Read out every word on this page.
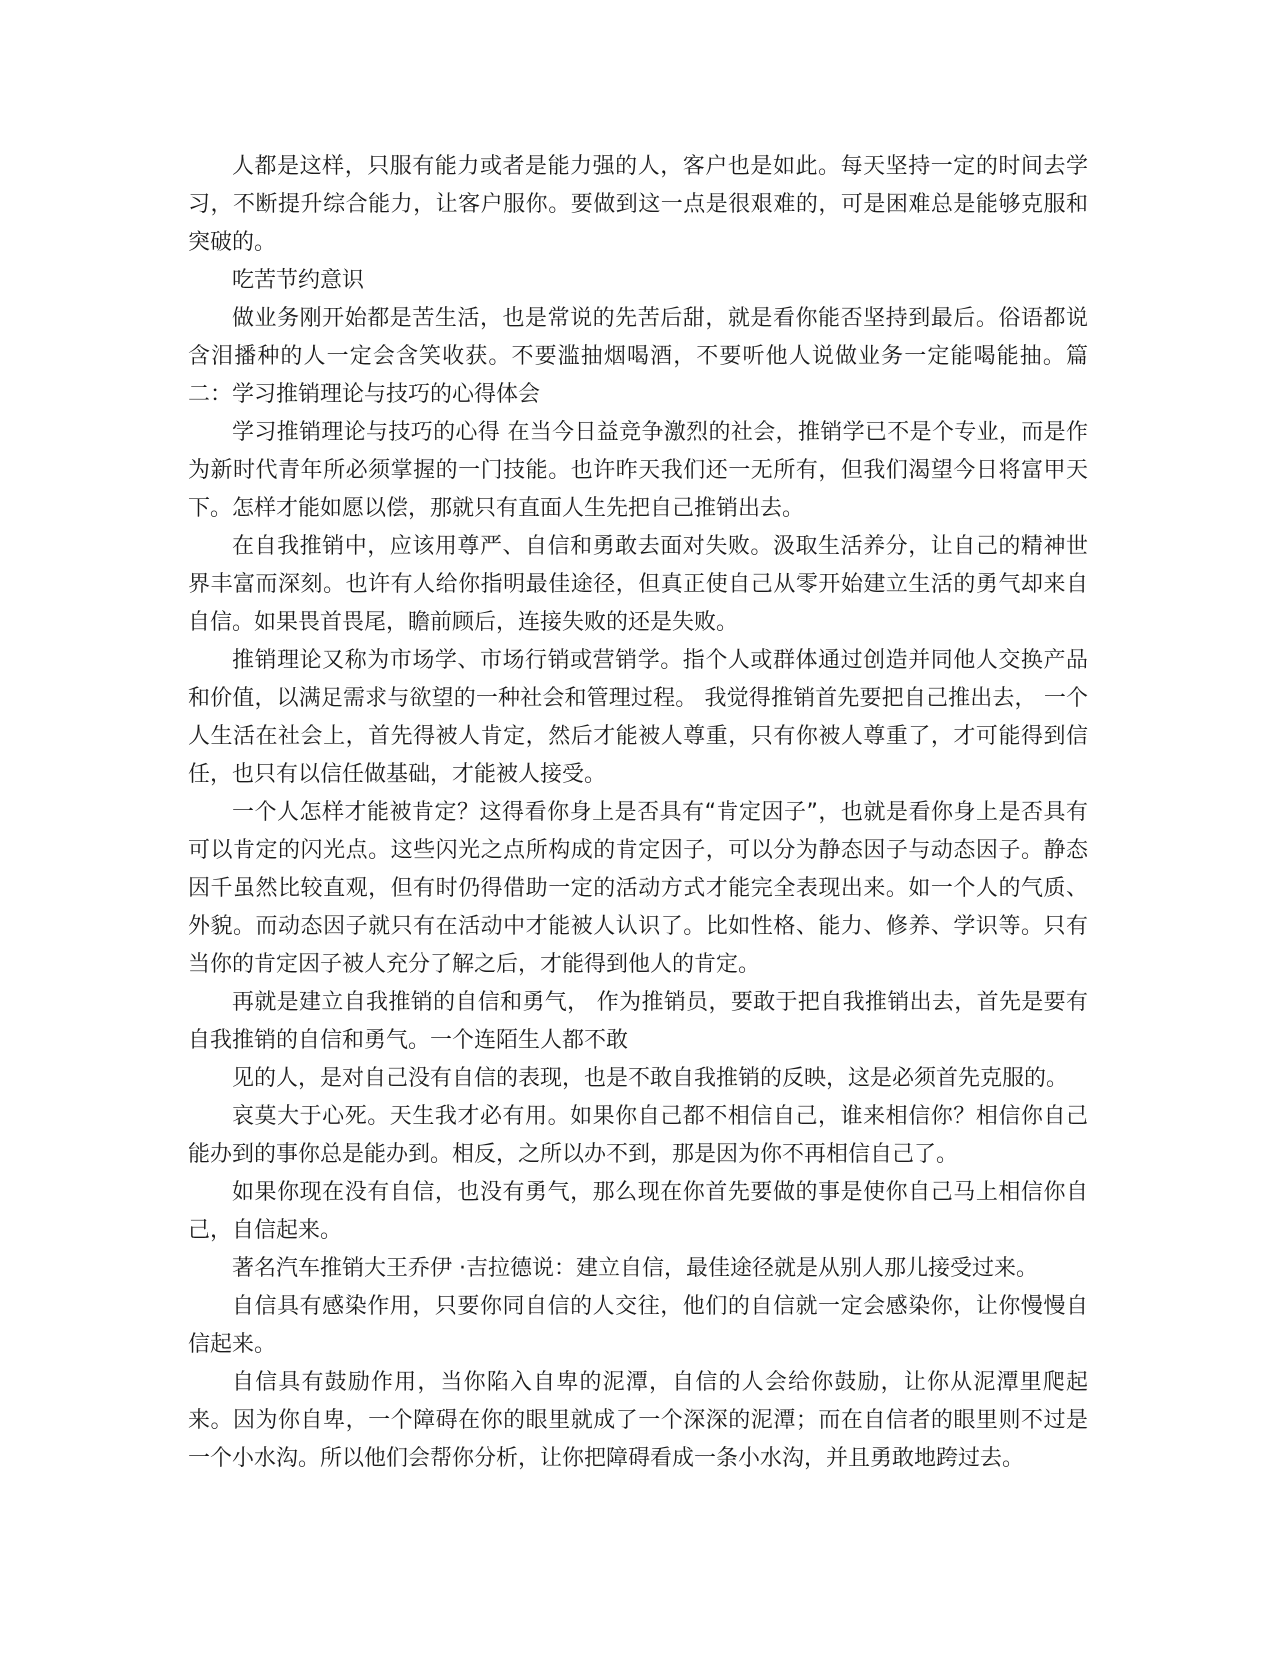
人都是这样，只服有能力或者是能力强的人，客户也是如此。每天坚持一定的时间去学习，不断提升综合能力，让客户服你。要做到这一点是很艰难的，可是困难总是能够克服和突破的。

吃苦节约意识

做业务刚开始都是苦生活，也是常说的先苦后甜，就是看你能否坚持到最后。俗语都说含泪播种的人一定会含笑收获。不要滥抽烟喝酒，不要听他人说做业务一定能喝能抽。篇二：学习推销理论与技巧的心得体会

学习推销理论与技巧的心得 在当今日益竞争激烈的社会，推销学已不是个专业，而是作为新时代青年所必须掌握的一门技能。也许昨天我们还一无所有，但我们渴望今日将富甲天下。怎样才能如愿以偿，那就只有直面人生先把自己推销出去。

在自我推销中，应该用尊严、自信和勇敢去面对失败。汲取生活养分，让自己的精神世界丰富而深刻。也许有人给你指明最佳途径，但真正使自己从零开始建立生活的勇气却来自自信。如果畏首畏尾，瞻前顾后，连接失败的还是失败。

推销理论又称为市场学、市场行销或营销学。指个人或群体通过创造并同他人交换产品和价值，以满足需求与欲望的一种社会和管理过程。 我觉得推销首先要把自己推出去， 一个人生活在社会上，首先得被人肯定，然后才能被人尊重，只有你被人尊重了，才可能得到信任，也只有以信任做基础，才能被人接受。

一个人怎样才能被肯定？这得看你身上是否具有“肯定因子”，也就是看你身上是否具有可以肯定的闪光点。这些闪光之点所构成的肯定因子，可以分为静态因子与动态因子。静态因千虽然比较直观，但有时仍得借助一定的活动方式才能完全表现出来。如一个人的气质、外貌。而动态因子就只有在活动中才能被人认识了。比如性格、能力、修养、学识等。只有当你的肯定因子被人充分了解之后，才能得到他人的肯定。

再就是建立自我推销的自信和勇气， 作为推销员，要敢于把自我推销出去，首先是要有自我推销的自信和勇气。一个连陌生人都不敢

见的人，是对自己没有自信的表现，也是不敢自我推销的反映，这是必须首先克服的。

哀莫大于心死。天生我才必有用。如果你自己都不相信自己，谁来相信你？相信你自己能办到的事你总是能办到。相反，之所以办不到，那是因为你不再相信自己了。

如果你现在没有自信，也没有勇气，那么现在你首先要做的事是使你自己马上相信你自己，自信起来。

著名汽车推销大王乔伊 ·吉拉德说：建立自信，最佳途径就是从别人那儿接受过来。

自信具有感染作用，只要你同自信的人交往，他们的自信就一定会感染你，让你慢慢自信起来。

自信具有鼓励作用，当你陷入自卑的泥潭，自信的人会给你鼓励，让你从泥潭里爬起来。因为你自卑，一个障碍在你的眼里就成了一个深深的泥潭；而在自信者的眼里则不过是一个小水沟。所以他们会帮你分析，让你把障碍看成一条小水沟，并且勇敢地跨过去。
